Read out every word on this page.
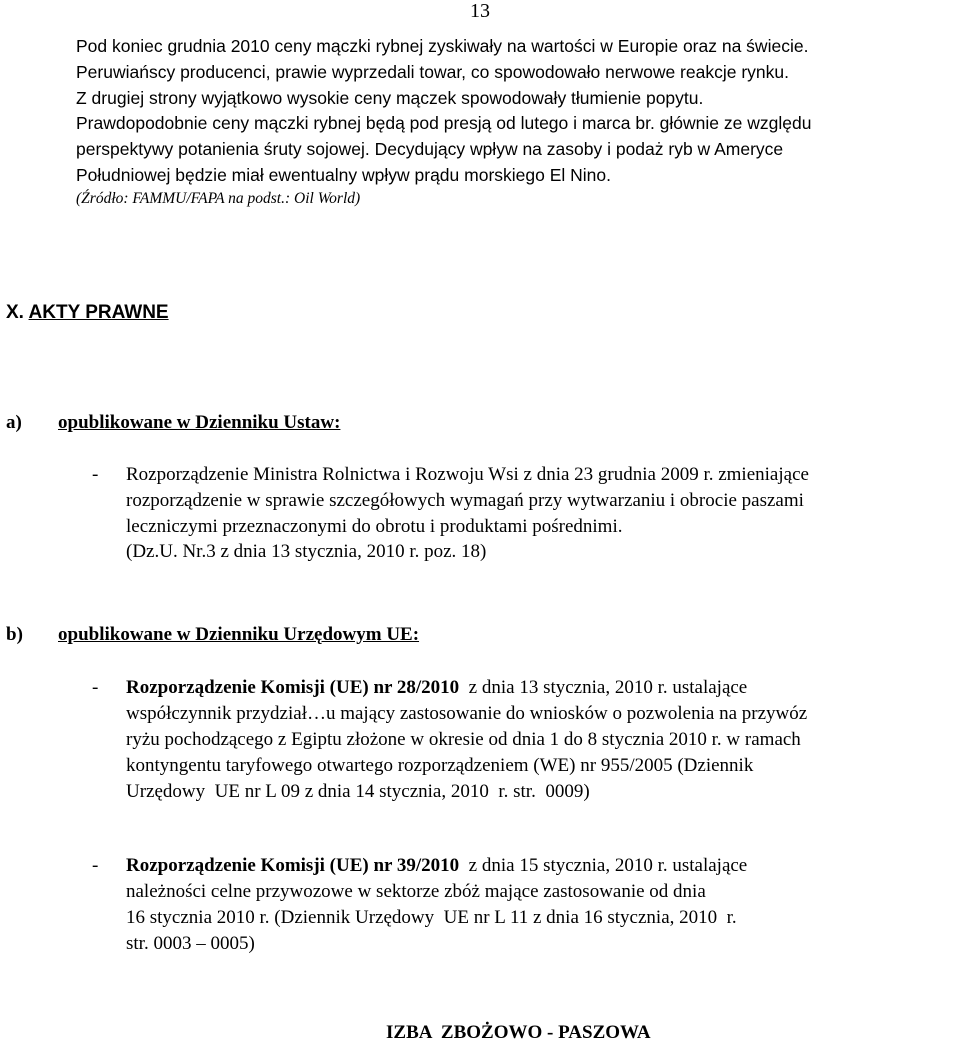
13
Pod koniec grudnia 2010 ceny mączki rybnej zyskiwały na wartości w Europie oraz na świecie.
Peruwiańscy producenci, prawie wyprzedali towar, co spowodowało nerwowe reakcje rynku.
Z drugiej strony wyjątkowo wysokie ceny mączek spowodowały tłumienie popytu.
Prawdopodobnie ceny mączki rybnej będą pod presją od lutego i marca br. głównie ze względu
perspektywy potanienia śruty sojowej. Decydujący wpływ na zasoby i podaż ryb w Ameryce
Południowej będzie miał ewentualny wpływ prądu morskiego El Nino.
(Źródło: FAMMU/FAPA na podst.: Oil World)
X. AKTY PRAWNE
a) opublikowane w Dzienniku Ustaw:
- Rozporządzenie Ministra Rolnictwa i Rozwoju Wsi z dnia 23 grudnia 2009 r. zmieniające
rozporządzenie w sprawie szczegółowych wymagań przy wytwarzaniu i obrocie paszami
leczniczymi przeznaczonymi do obrotu i produktami pośrednimi.
(Dz.U. Nr.3 z dnia 13 stycznia, 2010 r. poz. 18)
b) opublikowane w Dzienniku Urzędowym UE:
- Rozporządzenie Komisji (UE) nr 28/2010  z dnia 13 stycznia, 2010 r. ustalające
współczynnik przydział…u mający zastosowanie do wniosków o pozwolenia na przywóz
ryżu pochodzącego z Egiptu złożone w okresie od dnia 1 do 8 stycznia 2010 r. w ramach
kontyngentu taryfowego otwartego rozporządzeniem (WE) nr 955/2005 (Dziennik
Urzędowy  UE nr L 09 z dnia 14 stycznia, 2010  r. str.  0009)
- Rozporządzenie Komisji (UE) nr 39/2010  z dnia 15 stycznia, 2010 r. ustalające
należności celne przywozowe w sektorze zbóż mające zastosowanie od dnia
16 stycznia 2010 r. (Dziennik Urzędowy  UE nr L 11 z dnia 16 stycznia, 2010  r.
str. 0003 – 0005)
IZBA  ZBOŻOWO - PASZOWA
